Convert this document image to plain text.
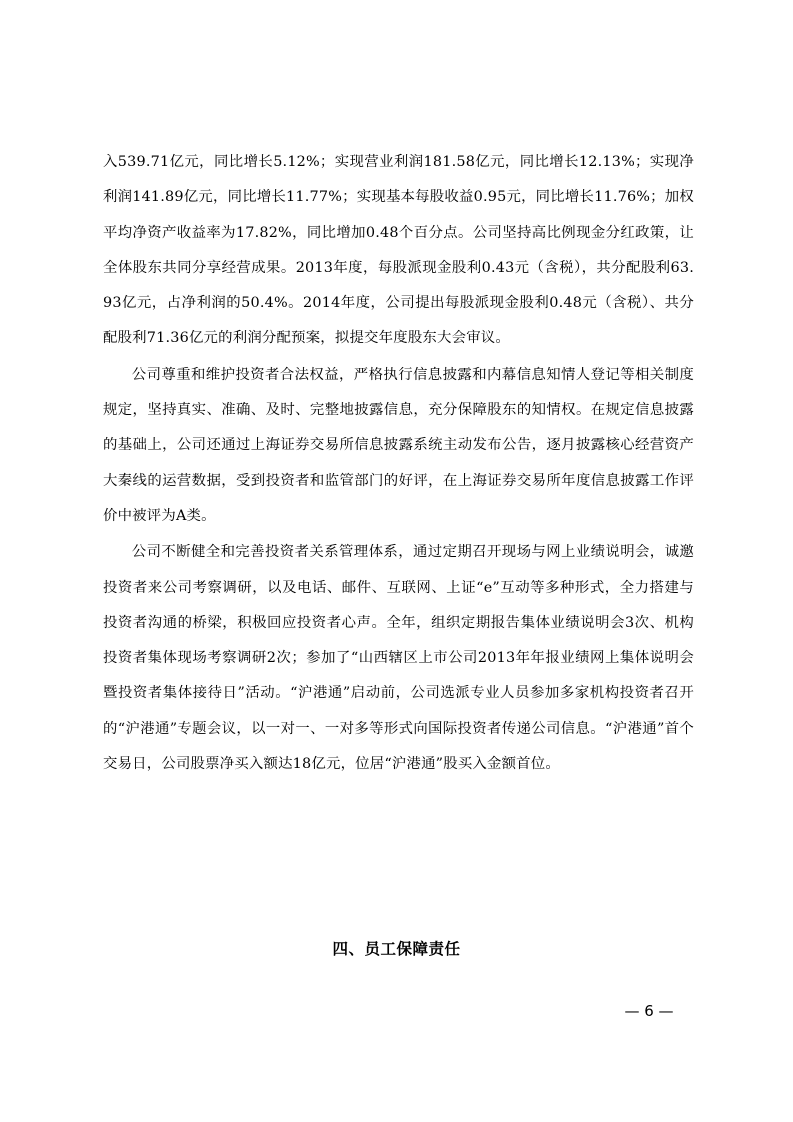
入539.71亿元，同比增长5.12%；实现营业利润181.58亿元，同比增长12.13%；实现净利润141.89亿元，同比增长11.77%；实现基本每股收益0.95元，同比增长11.76%；加权平均净资产收益率为17.82%，同比增加0.48个百分点。公司坚持高比例现金分红政策，让全体股东共同分享经营成果。2013年度，每股派现金股利0.43元（含税），共分配股利63.93亿元，占净利润的50.4%。2014年度，公司提出每股派现金股利0.48元（含税）、共分配股利71.36亿元的利润分配预案，拟提交年度股东大会审议。

公司尊重和维护投资者合法权益，严格执行信息披露和内幕信息知情人登记等相关制度规定，坚持真实、准确、及时、完整地披露信息，充分保障股东的知情权。在规定信息披露的基础上，公司还通过上海证券交易所信息披露系统主动发布公告，逐月披露核心经营资产大秦线的运营数据，受到投资者和监管部门的好评，在上海证券交易所年度信息披露工作评价中被评为A类。

公司不断健全和完善投资者关系管理体系，通过定期召开现场与网上业绩说明会，诚邀投资者来公司考察调研，以及电话、邮件、互联网、上证“e”互动等多种形式，全力搭建与投资者沟通的桥梁，积极回应投资者心声。全年，组织定期报告集体业绩说明会3次、机构投资者集体现场考察调研2次；参加了“山西辖区上市公司2013年年报业绩网上集体说明会暨投资者集体接待日”活动。“沪港通”启动前，公司选派专业人员参加多家机构投资者召开的“沪港通”专题会议，以一对一、一对多等形式向国际投资者传递公司信息。“沪港通”首个交易日，公司股票净买入额达18亿元，位居“沪港通”股买入金额首位。

四、员工保障责任
— 6 —
